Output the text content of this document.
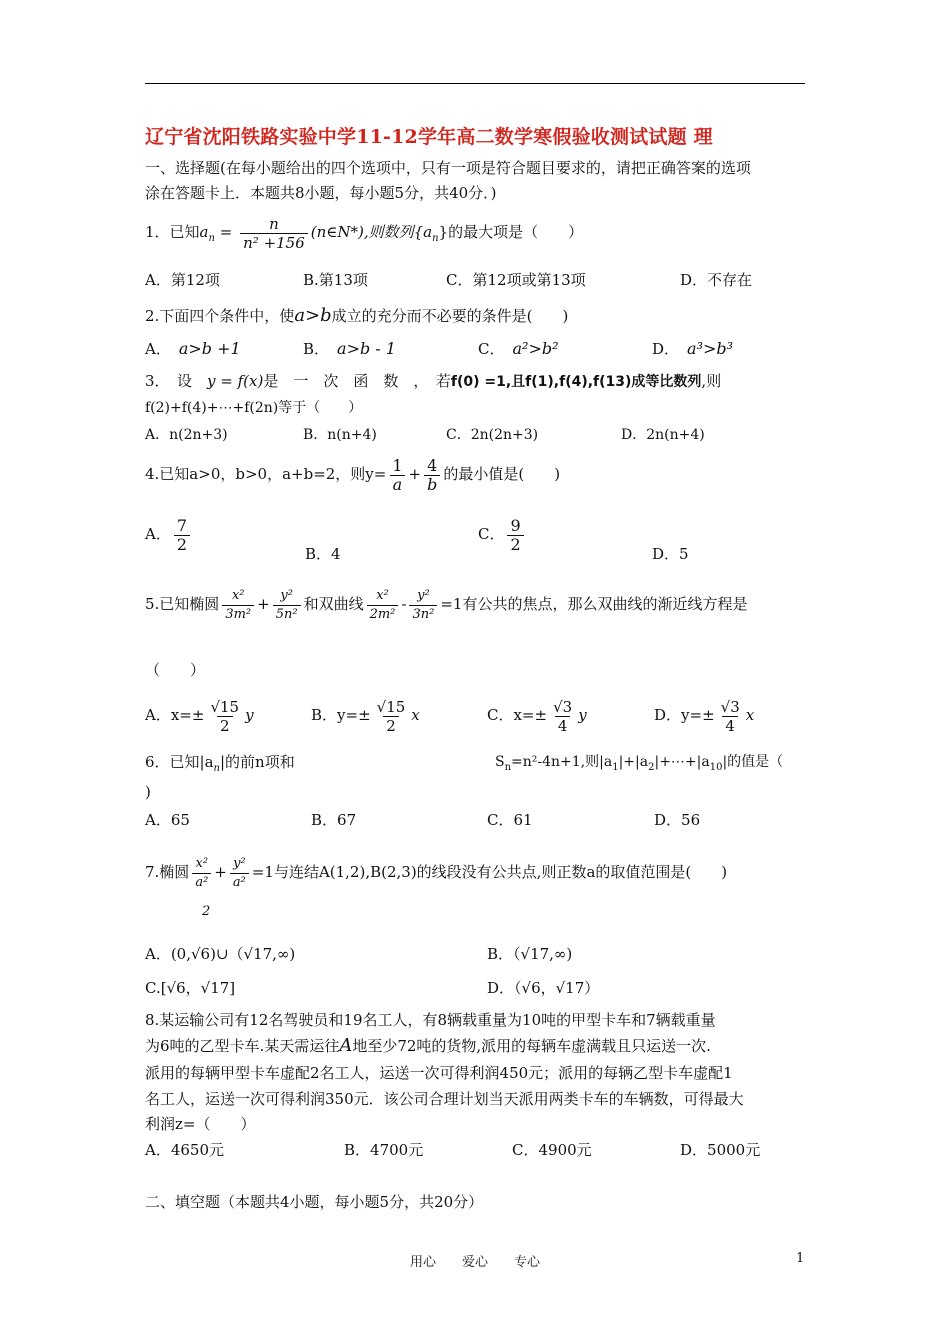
辽宁省沈阳铁路实验中学11-12学年高二数学寒假验收测试试题 理
一、选择题(在每小题给出的四个选项中，只有一项是符合题目要求的，请把正确答案的选项
涂在答题卡上．本题共8小题，每小题5分，共40分．)
1．已知$a_n = \frac{n}{\text{n² +156}}$ (n∈N*),则数列$\{a_n\}$的最大项是（　　）
A．第12项	B.第13项	C．第12项或第13项	D．不存在
2.下面四个条件中，使a>b成立的充分而不必要的条件是(　　)
A． a>b +1	B． a>b - 1	C． a²>b²	D． a³>b³
3．　设　y = f(x)是　一　次　函　数　，　若f(0) =1,且f(1),f(4),f(13)成等比数列,则
f(2)+f(4)+⋯+f(2n)等于（　　）
A．n(2n+3)	B．n(n+4)	C．2n(2n+3)	D．2n(n+4)
4.已知a>0，b>0，a+b=2，则$y= \frac{1}{a} + \frac{4}{b}$ 的最小值是(　　)
A． $\frac{7}{2}$
B．4
C． $\frac{9}{2}$
D．5
5.已知椭圆 $\frac{\text{x²}}{\text{3m²}} + \frac{\text{y²}}{\text{5n²}}$ 和双曲线 $\frac{\text{x²}}{\text{2m²}} - \frac{\text{y²}}{\text{3n²}} =1$有公共的焦点，那么双曲线的渐近线方程是
（　　）
A．$x=\pm \frac{√15}{2}$ y	B．$y=\pm \frac{√15}{2}$ x	C．$x=\pm \frac{√3}{4}$ y	D．$y=\pm \frac{√3}{4}$ x
6．已知$|a_n|$的前n项和	$S_n=n^2-4n+1$,则$|a_1|+|a_2|+\cdots+|a_{10}|$的值是（
)
A．65	B．67	C．61	D．56
7.椭圆 $\frac{\text{x²}}{\text{a²}} + \frac{\text{y²}}{\text{a²}} =1$与连结A(1,2),B(2,3)的线段没有公共点,则正数a的取值范围是(　　)
2
A．(0,√6)∪（√17,∞)	B．（√17,∞)
C.[√6，√17]	D．（√6，√17）
8.某运输公司有12名驾驶员和19名工人，有8辆载重量为10吨的甲型卡车和7辆载重量
为6吨的乙型卡车.某天需运往A地至少72吨的货物,派用的每辆车虚满载且只运送一次.
派用的每辆甲型卡车虚配2名工人，运送一次可得利润450元；派用的每辆乙型卡车虚配1
名工人，运送一次可得利润350元．该公司合理计划当天派用两类卡车的车辆数，可得最大
利润z=（　　）
A．4650元	B．4700元	C．4900元	D．5000元
二、填空题（本题共4小题，每小题5分，共20分）
用心　　爱心　　专心	1
